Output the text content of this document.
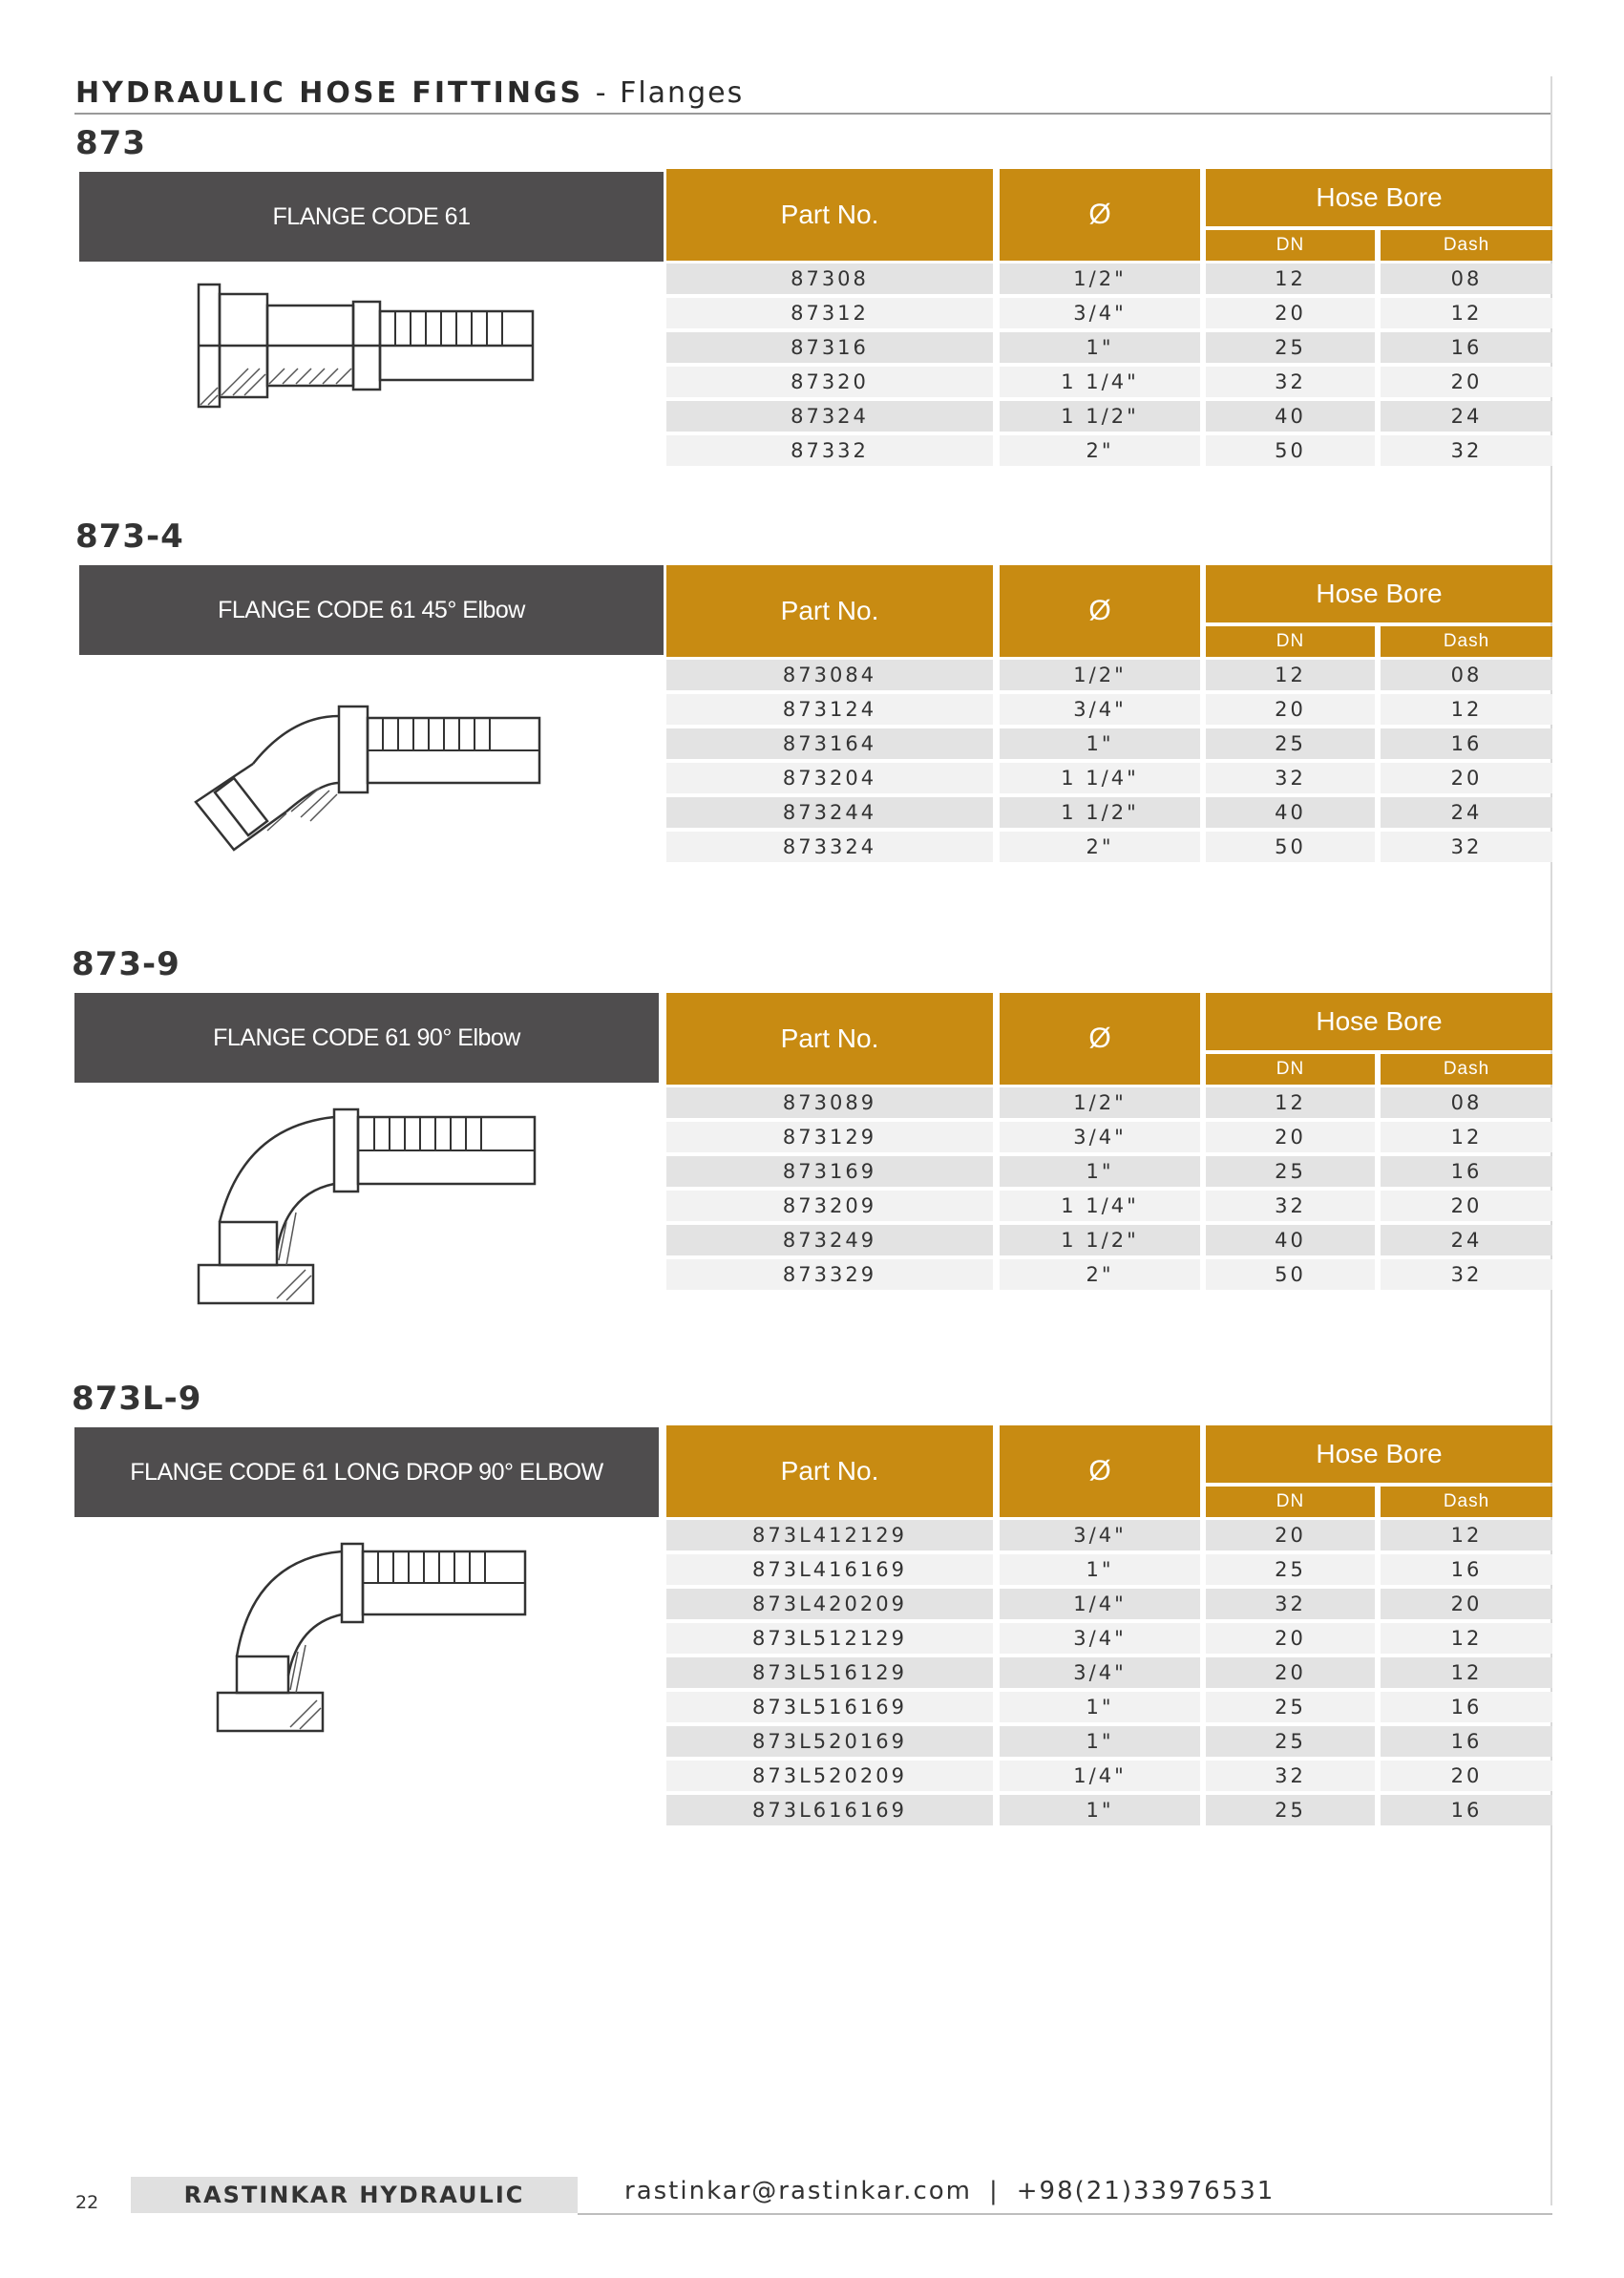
HYDRAULIC HOSE FITTINGS - Flanges
873
FLANGE CODE 61	Part No.	Ø
Hose Bore
DN	Dash
87308	1/2"	12	08
87312	3/4"	20	12
87316	1"	25	16
87320	1 1/4"	32	20
87324	1 1/2"	40	24
87332	2"	50	32
873-4
FLANGE CODE 61 45° Elbow	Part No.	Ø
Hose Bore
DN	Dash
873084	1/2"	12	08
873124	3/4"	20	12
873164	1"	25	16
873204	1 1/4"	32	20
873244	1 1/2"	40	24
873324	2"	50	32
873-9
FLANGE CODE 61 90° Elbow	Part No.	Ø
Hose Bore
DN	Dash
873089	1/2"	12	08
873129	3/4"	20	12
873169	1"	25	16
873209	1 1/4"	32	20
873249	1 1/2"	40	24
873329	2"	50	32
873L-9
FLANGE CODE 61 LONG DROP 90° ELBOW	Part No.	Ø
Hose Bore
DN	Dash
873L412129	3/4"	20	12
873L416169	1"	25	16
873L420209	1/4"	32	20
873L512129	3/4"	20	12
873L516129	3/4"	20	12
873L516169	1"	25	16
873L520169	1"	25	16
873L520209	1/4"	32	20
873L616169	1"	25	16
22	RASTINKAR HYDRAULIC	rastinkar@rastinkar.com | +98(21)33976531
